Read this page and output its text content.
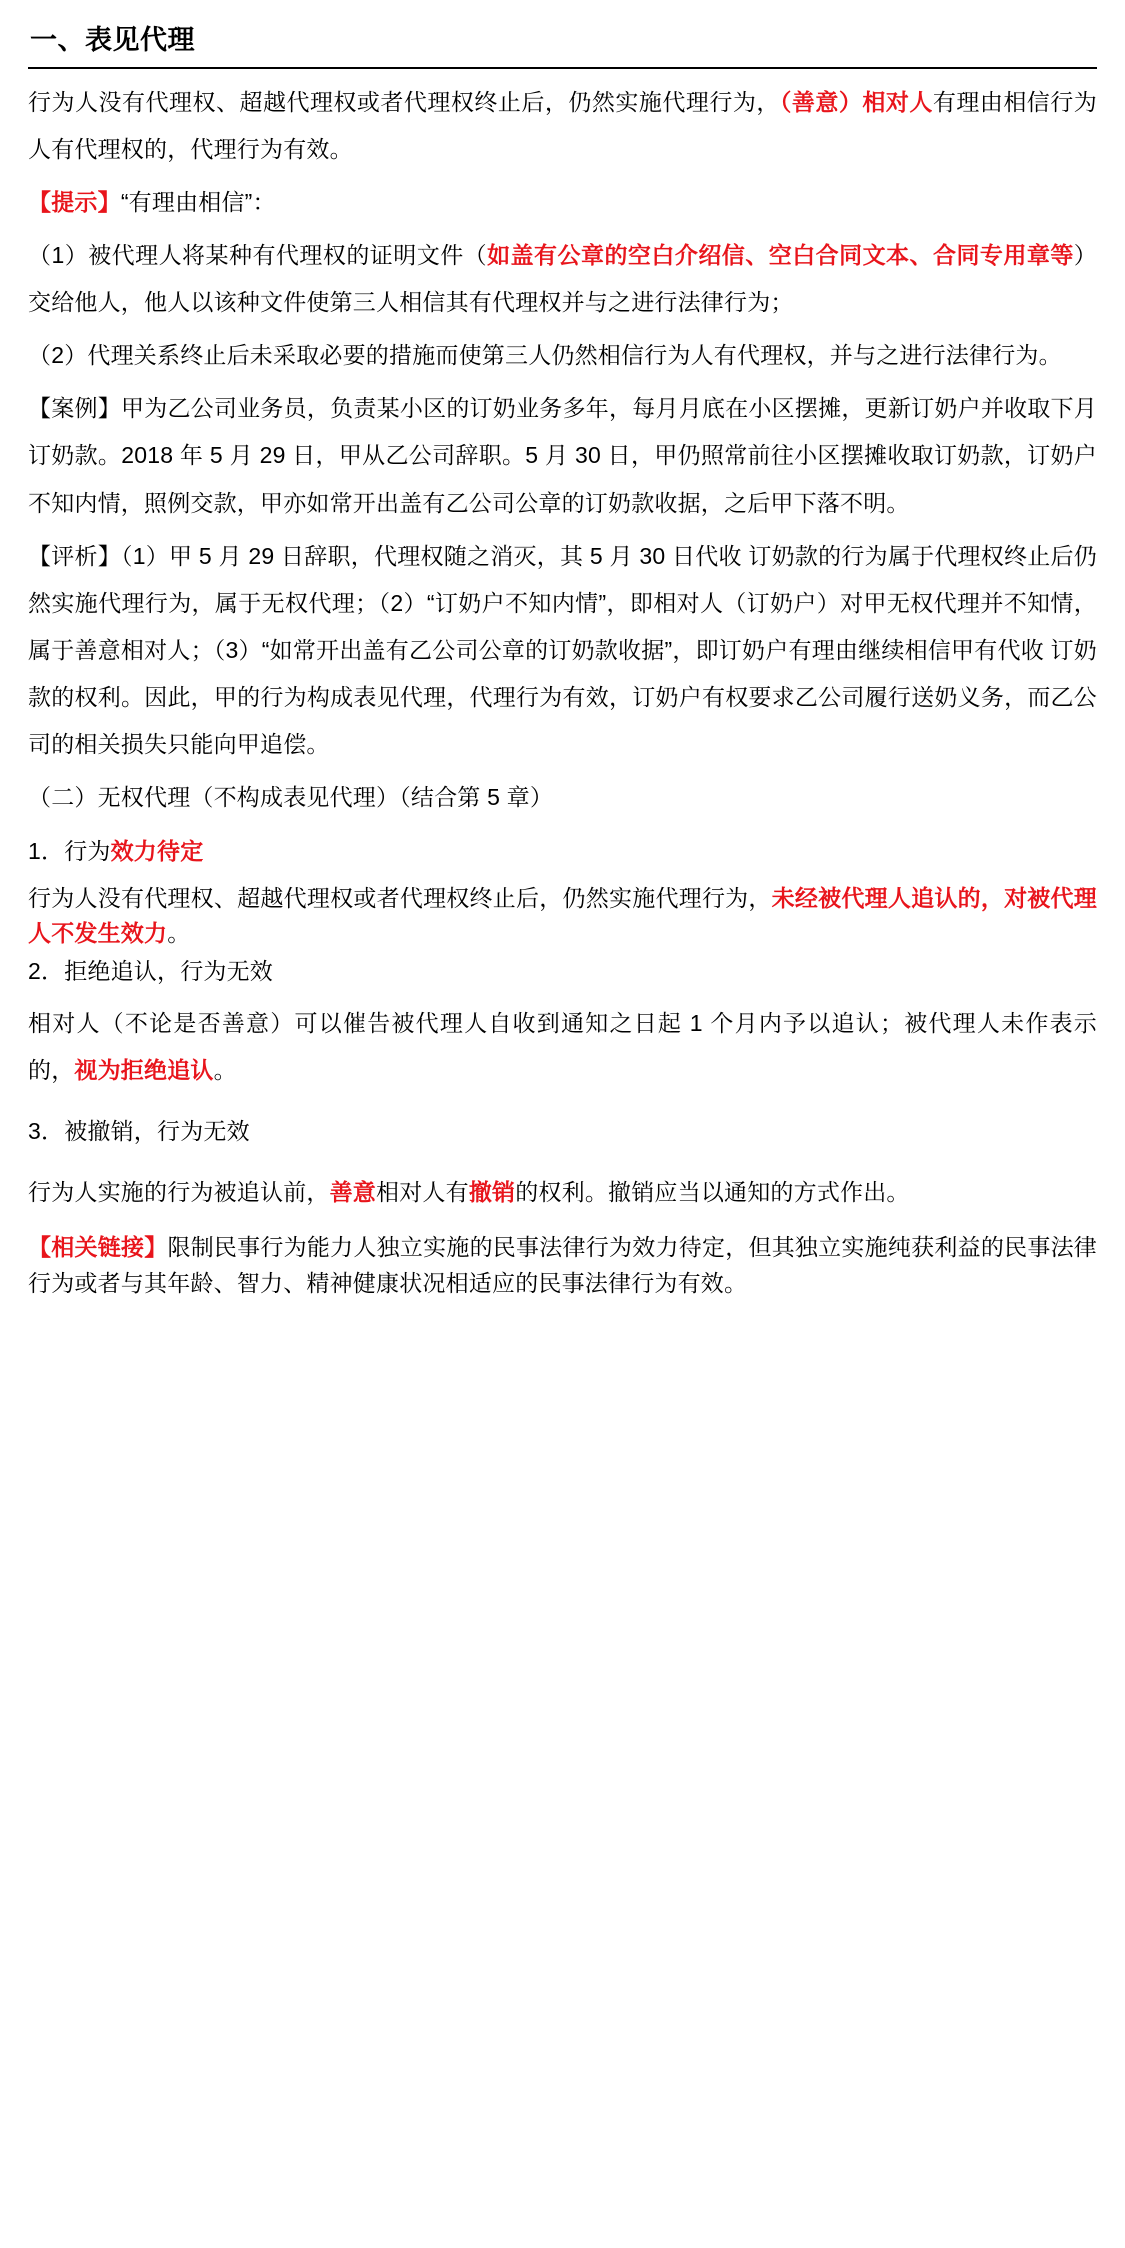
一、表见代理

行为人没有代理权、超越代理权或者代理权终止后，仍然实施代理行为，（善意）相对人有理由相信行为人有代理权的，代理行为有效。

【提示】“有理由相信”：

（1）被代理人将某种有代理权的证明文件（如盖有公章的空白介绍信、空白合同文本、合同专用章等）交给他人，他人以该种文件使第三人相信其有代理权并与之进行法律行为；

（2）代理关系终止后未采取必要的措施而使第三人仍然相信行为人有代理权，并与之进行法律行为。

【案例】甲为乙公司业务员，负责某小区的订奶业务多年，每月月底在小区摆摊，更新订奶户并收取下月订奶款。2018 年 5 月 29 日，甲从乙公司辞职。5 月 30 日，甲仍照常前往小区摆摊收取订奶款，订奶户不知内情，照例交款，甲亦如常开出盖有乙公司公章的订奶款收据，之后甲下落不明。

【评析】（1）甲 5 月 29 日辞职，代理权随之消灭，其 5 月 30 日代收 订奶款的行为属于代理权终止后仍然实施代理行为，属于无权代理；（2）“订奶户不知内情”，即相对人（订奶户）对甲无权代理并不知情，属于善意相对人；（3）“如常开出盖有乙公司公章的订奶款收据”，即订奶户有理由继续相信甲有代收 订奶款的权利。因此，甲的行为构成表见代理，代理行为有效，订奶户有权要求乙公司履行送奶义务，而乙公司的相关损失只能向甲追偿。

（二）无权代理（不构成表见代理）（结合第 5 章）

1．行为效力待定

行为人没有代理权、超越代理权或者代理权终止后，仍然实施代理行为，未经被代理人追认的，对被代理人不发生效力。

2．拒绝追认，行为无效

相对人（不论是否善意）可以催告被代理人自收到通知之日起 1 个月内予以追认；被代理人未作表示的，视为拒绝追认。

3．被撤销，行为无效

行为人实施的行为被追认前，善意相对人有撤销的权利。撤销应当以通知的方式作出。

【相关链接】限制民事行为能力人独立实施的民事法律行为效力待定，但其独立实施纯获利益的民事法律行为或者与其年龄、智力、精神健康状况相适应的民事法律行为有效。
